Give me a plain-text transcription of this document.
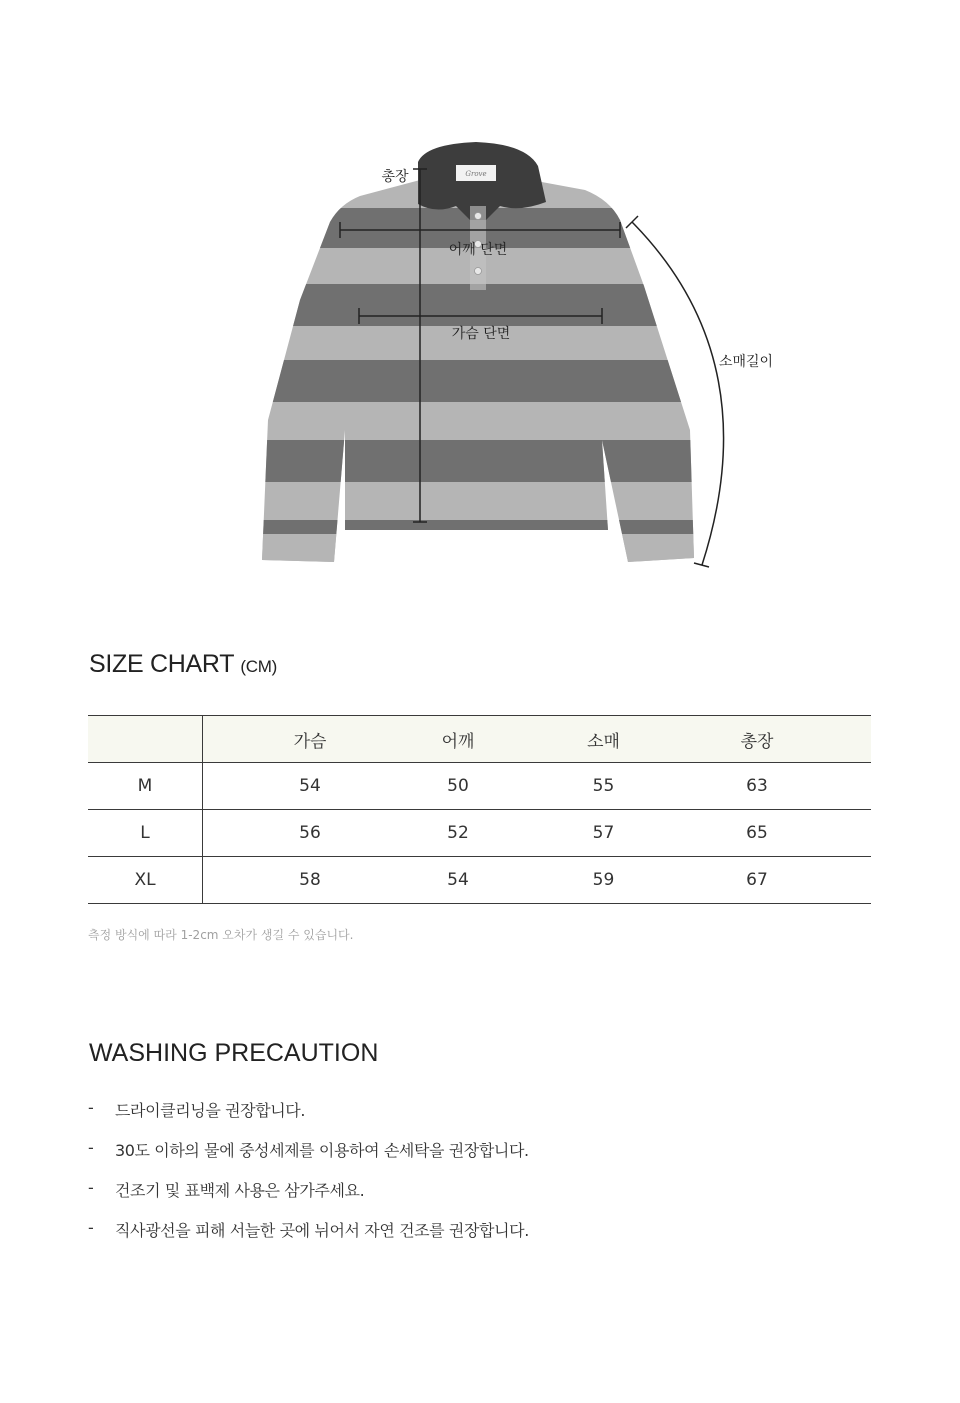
Grove
총장
어깨 단면
가슴 단면
소매길이
SIZE CHART (CM)
	가슴	어깨	소매	총장	
M	54	50	55	63	
L	56	52	57	65	
XL	58	54	59	67	
측정 방식에 따라 1-2cm 오차가 생길 수 있습니다.
WASHING PRECAUTION
-	드라이클리닝을 권장합니다.
-	30도 이하의 물에 중성세제를 이용하여 손세탁을 권장합니다.
-	건조기 및 표백제 사용은 삼가주세요.
-	직사광선을 피해 서늘한 곳에 뉘어서 자연 건조를 권장합니다.
